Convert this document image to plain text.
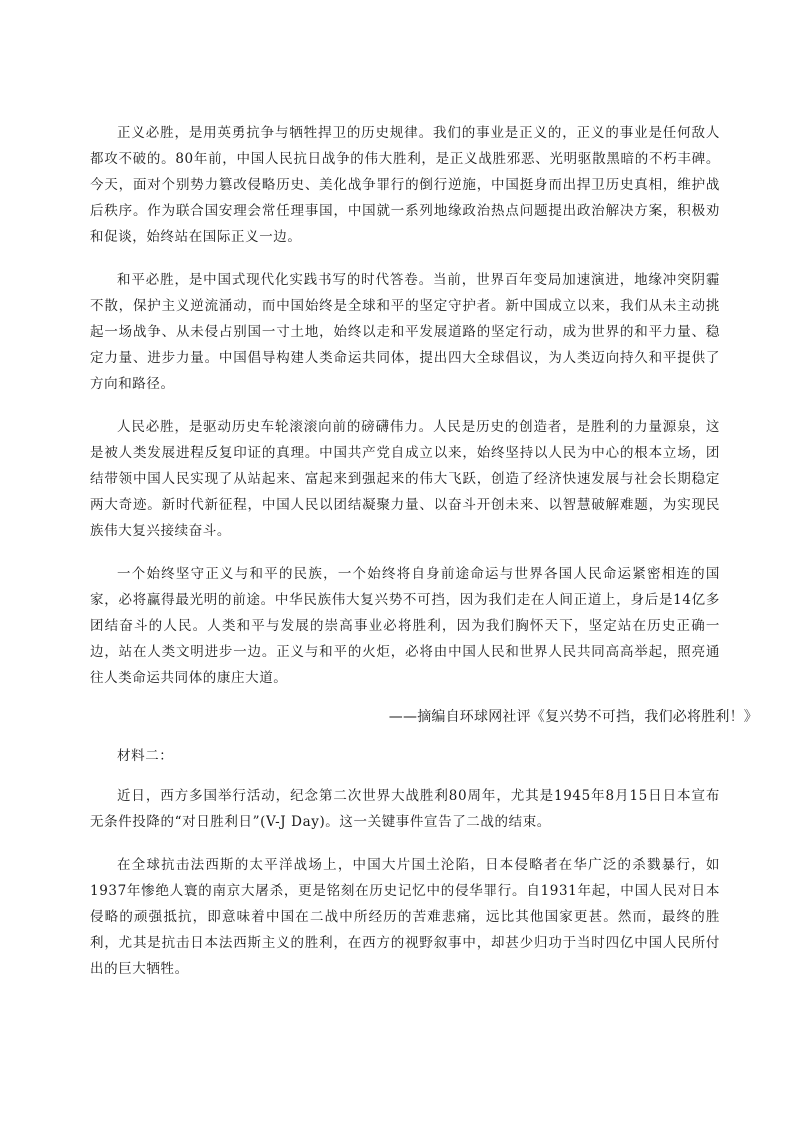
正义必胜，是用英勇抗争与牺牲捍卫的历史规律。我们的事业是正义的，正义的事业是任何敌人都攻不破的。80年前，中国人民抗日战争的伟大胜利，是正义战胜邪恶、光明驱散黑暗的不朽丰碑。今天，面对个别势力篡改侵略历史、美化战争罪行的倒行逆施，中国挺身而出捍卫历史真相，维护战后秩序。作为联合国安理会常任理事国，中国就一系列地缘政治热点问题提出政治解决方案，积极劝和促谈，始终站在国际正义一边。

和平必胜，是中国式现代化实践书写的时代答卷。当前，世界百年变局加速演进，地缘冲突阴霾不散，保护主义逆流涌动，而中国始终是全球和平的坚定守护者。新中国成立以来，我们从未主动挑起一场战争、从未侵占别国一寸土地，始终以走和平发展道路的坚定行动，成为世界的和平力量、稳定力量、进步力量。中国倡导构建人类命运共同体，提出四大全球倡议，为人类迈向持久和平提供了方向和路径。

人民必胜，是驱动历史车轮滚滚向前的磅礴伟力。人民是历史的创造者，是胜利的力量源泉，这是被人类发展进程反复印证的真理。中国共产党自成立以来，始终坚持以人民为中心的根本立场，团结带领中国人民实现了从站起来、富起来到强起来的伟大飞跃，创造了经济快速发展与社会长期稳定两大奇迹。新时代新征程，中国人民以团结凝聚力量、以奋斗开创未来、以智慧破解难题，为实现民族伟大复兴接续奋斗。

一个始终坚守正义与和平的民族，一个始终将自身前途命运与世界各国人民命运紧密相连的国家，必将赢得最光明的前途。中华民族伟大复兴势不可挡，因为我们走在人间正道上，身后是14亿多团结奋斗的人民。人类和平与发展的崇高事业必将胜利，因为我们胸怀天下，坚定站在历史正确一边，站在人类文明进步一边。正义与和平的火炬，必将由中国人民和世界人民共同高高举起，照亮通往人类命运共同体的康庄大道。

——摘编自环球网社评《复兴势不可挡，我们必将胜利！》

材料二：

近日，西方多国举行活动，纪念第二次世界大战胜利80周年，尤其是1945年8月15日日本宣布无条件投降的“对日胜利日”(V-J Day)。这一关键事件宣告了二战的结束。

在全球抗击法西斯的太平洋战场上，中国大片国土沦陷，日本侵略者在华广泛的杀戮暴行，如1937年惨绝人寰的南京大屠杀，更是铭刻在历史记忆中的侵华罪行。自1931年起，中国人民对日本侵略的顽强抵抗，即意味着中国在二战中所经历的苦难悲痛，远比其他国家更甚。然而，最终的胜利，尤其是抗击日本法西斯主义的胜利，在西方的视野叙事中，却甚少归功于当时四亿中国人民所付出的巨大牺牲。
